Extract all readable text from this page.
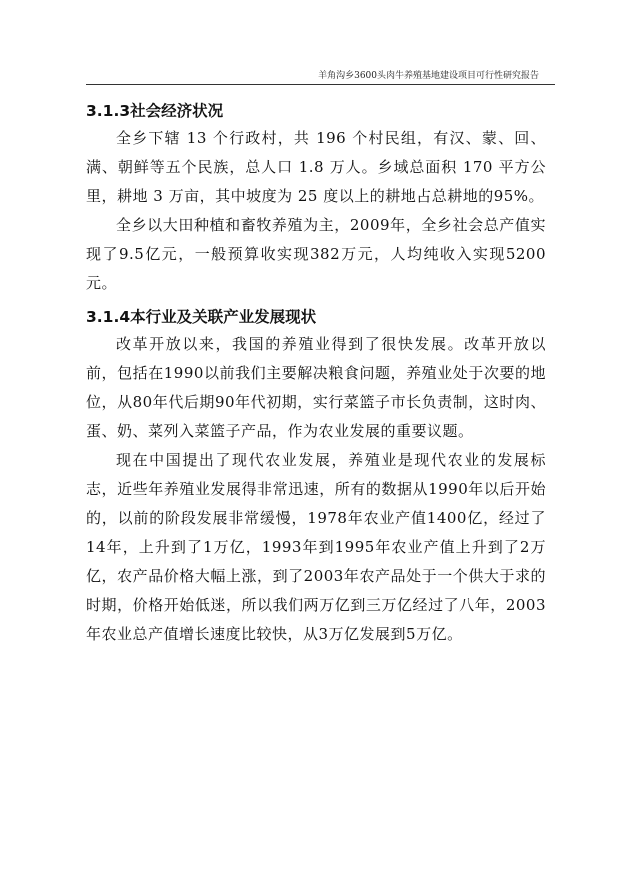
羊角沟乡3600头肉牛养殖基地建设项目可行性研究报告
3.1.3社会经济状况

全乡下辖 13 个行政村，共 196 个村民组，有汉、蒙、回、满、朝鲜等五个民族，总人口 1.8 万人。乡域总面积 170 平方公里，耕地 3 万亩，其中坡度为 25 度以上的耕地占总耕地的95%。

全乡以大田种植和畜牧养殖为主，2009年，全乡社会总产值实现了9.5亿元，一般预算收实现382万元，人均纯收入实现5200元。

3.1.4本行业及关联产业发展现状

改革开放以来，我国的养殖业得到了很快发展。改革开放以前，包括在1990以前我们主要解决粮食问题，养殖业处于次要的地位，从80年代后期90年代初期，实行菜篮子市长负责制，这时肉、蛋、奶、菜列入菜篮子产品，作为农业发展的重要议题。

现在中国提出了现代农业发展，养殖业是现代农业的发展标志，近些年养殖业发展得非常迅速，所有的数据从1990年以后开始的，以前的阶段发展非常缓慢，1978年农业产值1400亿，经过了14年，上升到了1万亿，1993年到1995年农业产值上升到了2万亿，农产品价格大幅上涨，到了2003年农产品处于一个供大于求的时期，价格开始低迷，所以我们两万亿到三万亿经过了八年，2003年农业总产值增长速度比较快，从3万亿发展到5万亿。
